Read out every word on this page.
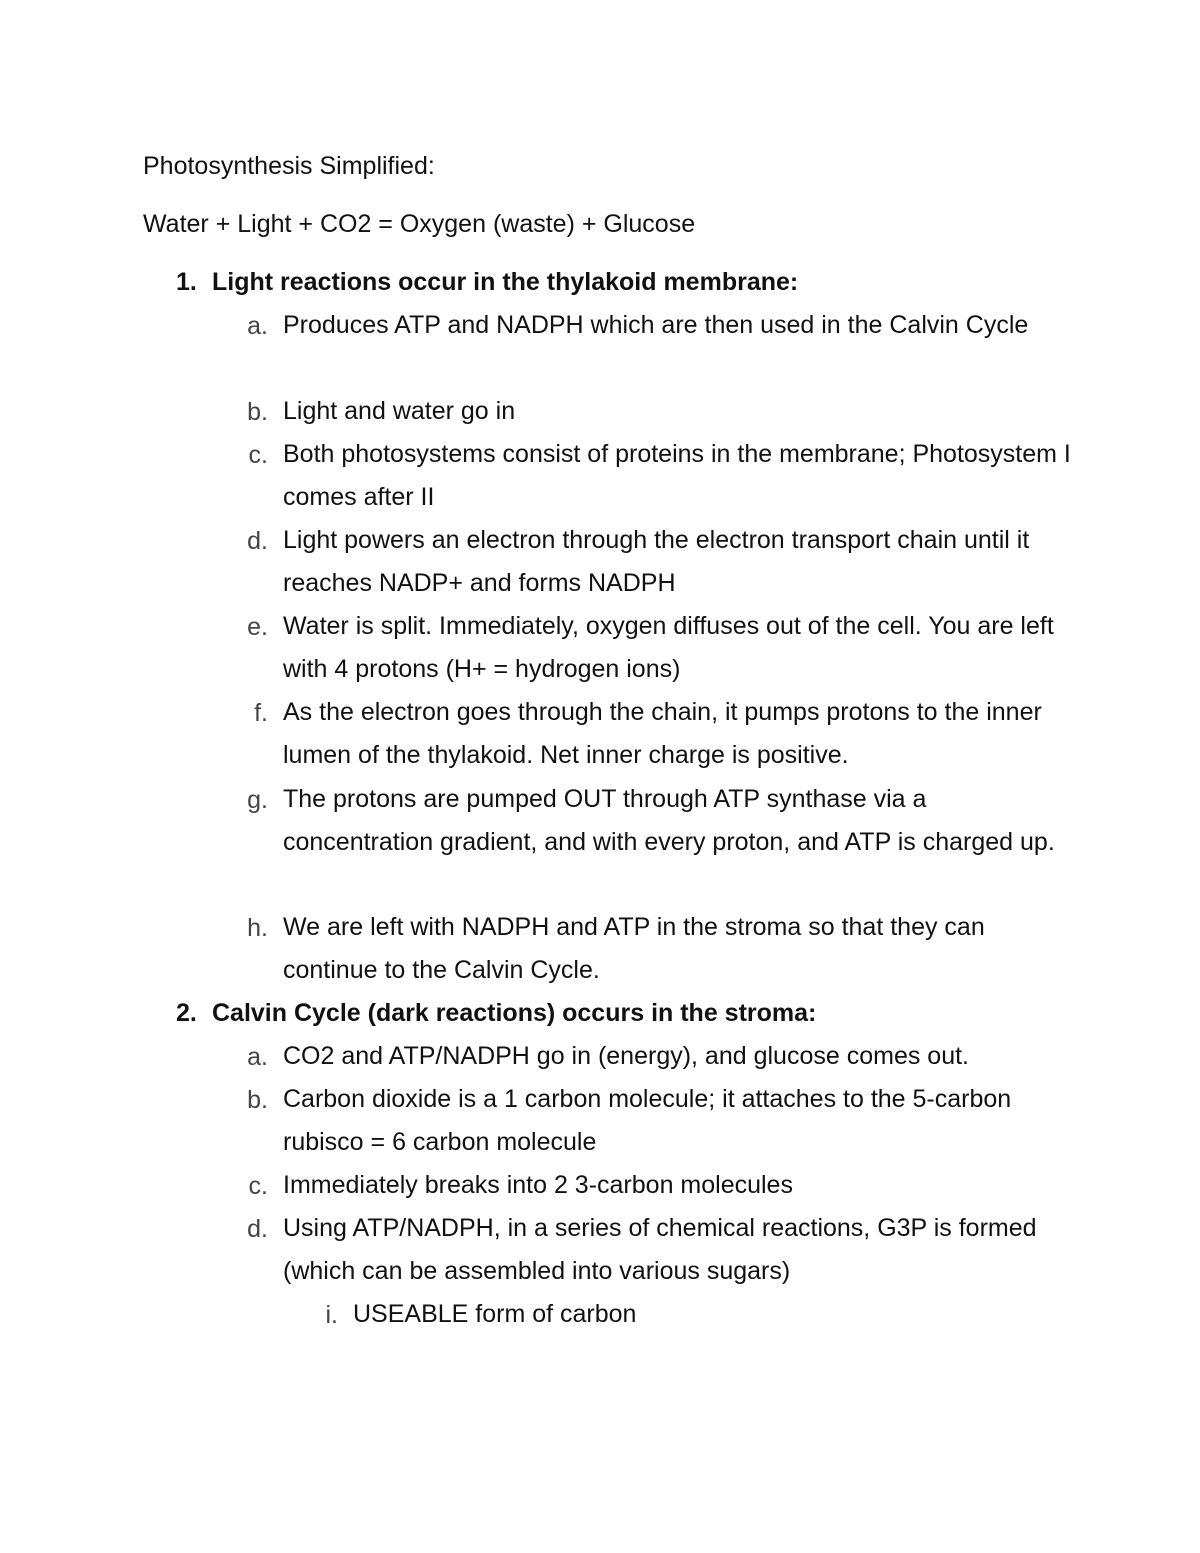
Photosynthesis Simplified:
Water + Light + CO2 = Oxygen (waste) + Glucose
1. Light reactions occur in the thylakoid membrane:
a. Produces ATP and NADPH which are then used in the Calvin Cycle
b. Light and water go in
c. Both photosystems consist of proteins in the membrane; Photosystem I comes after II
d. Light powers an electron through the electron transport chain until it reaches NADP+ and forms NADPH
e. Water is split. Immediately, oxygen diffuses out of the cell. You are left with 4 protons (H+ = hydrogen ions)
f. As the electron goes through the chain, it pumps protons to the inner lumen of the thylakoid. Net inner charge is positive.
g. The protons are pumped OUT through ATP synthase via a concentration gradient, and with every proton, and ATP is charged up.
h. We are left with NADPH and ATP in the stroma so that they can continue to the Calvin Cycle.
2. Calvin Cycle (dark reactions) occurs in the stroma:
a. CO2 and ATP/NADPH go in (energy), and glucose comes out.
b. Carbon dioxide is a 1 carbon molecule; it attaches to the 5-carbon rubisco = 6 carbon molecule
c. Immediately breaks into 2 3-carbon molecules
d. Using ATP/NADPH, in a series of chemical reactions, G3P is formed (which can be assembled into various sugars)
i. USEABLE form of carbon
